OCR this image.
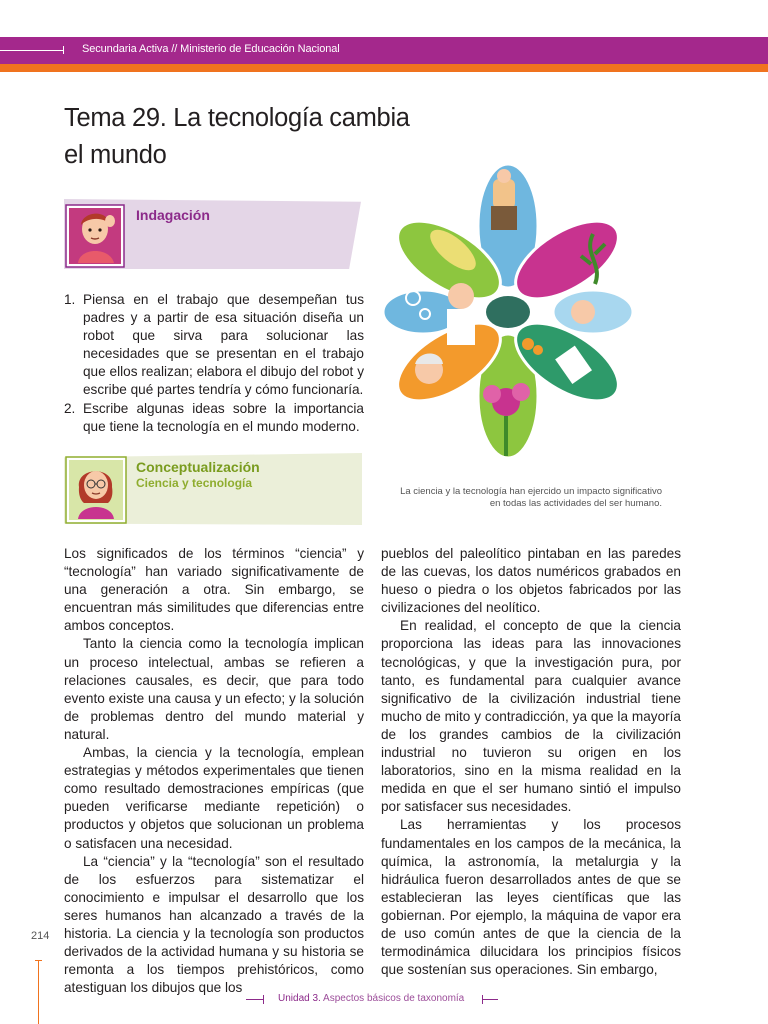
Secundaria Activa // Ministerio de Educación Nacional
Tema 29. La tecnología cambia
el mundo
Indagación
1. Piensa en el trabajo que desempeñan tus padres y a partir de esa situación diseña un robot que sirva para solucionar las necesidades que se presentan en el trabajo que ellos realizan; elabora el dibujo del robot y escribe qué partes tendría y cómo funcionaría.
2. Escribe algunas ideas sobre la importancia que tiene la tecnología en el mundo moderno.
Conceptualización
Ciencia y tecnología
La ciencia y la tecnología han ejercido un impacto significativo
en todas las actividades del ser humano.

Los significados de los términos “ciencia” y “tecnología” han variado significativamente de una generación a otra. Sin embargo, se encuentran más similitudes que diferencias entre ambos conceptos.

Tanto la ciencia como la tecnología implican un proceso intelectual, ambas se refieren a relaciones causales, es decir, que para todo evento existe una causa y un efecto; y la solución de problemas dentro del mundo material y natural.

Ambas, la ciencia y la tecnología, emplean estrategias y métodos experimentales que tienen como resultado demostraciones empíricas (que pueden verificarse mediante repetición) o productos y objetos que solucionan un problema o satisfacen una necesidad.

La “ciencia” y la “tecnología” son el resultado de los esfuerzos para sistematizar el conocimiento e impulsar el desarrollo que los seres humanos han alcanzado a través de la historia. La ciencia y la tecnología son productos derivados de la actividad humana y su historia se remonta a los tiempos prehistóricos, como atestiguan los dibujos que los

pueblos del paleolítico pintaban en las paredes de las cuevas, los datos numéricos grabados en hueso o piedra o los objetos fabricados por las civilizaciones del neolítico.

En realidad, el concepto de que la ciencia proporciona las ideas para las innovaciones tecnológicas, y que la investigación pura, por tanto, es fundamental para cualquier avance significativo de la civilización industrial tiene mucho de mito y contradicción, ya que la mayoría de los grandes cambios de la civilización industrial no tuvieron su origen en los laboratorios, sino en la misma realidad en la medida en que el ser humano sintió el impulso por satisfacer sus necesidades.

Las herramientas y los procesos fundamentales en los campos de la mecánica, la química, la astronomía, la metalurgia y la hidráulica fueron desarrollados antes de que se establecieran las leyes científicas que las gobiernan. Por ejemplo, la máquina de vapor era de uso común antes de que la ciencia de la termodinámica dilucidara los principios físicos que sostenían sus operaciones. Sin embargo,

214
Unidad 3. Aspectos básicos de taxonomía
